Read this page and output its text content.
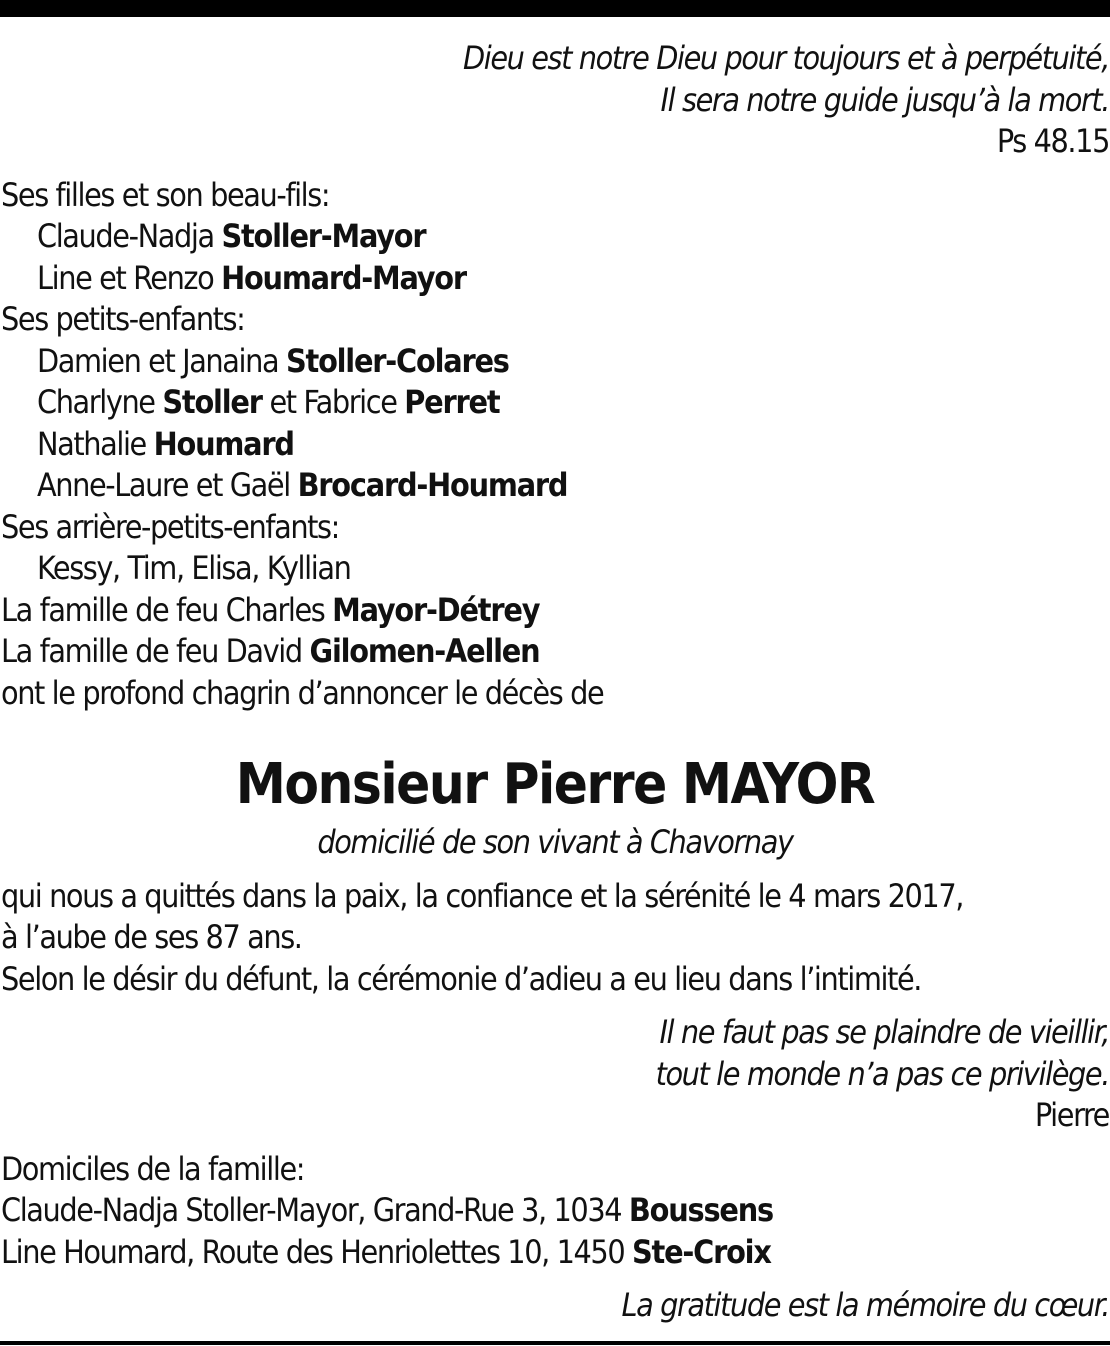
Dieu est notre Dieu pour toujours et à perpétuité,
Il sera notre guide jusqu’à la mort.
Ps 48.15
Ses filles et son beau-fils:
Claude-Nadja Stoller-Mayor
Line et Renzo Houmard-Mayor
Ses petits-enfants:
Damien et Janaina Stoller-Colares
Charlyne Stoller et Fabrice Perret
Nathalie Houmard
Anne-Laure et Gaël Brocard-Houmard
Ses arrière-petits-enfants:
Kessy, Tim, Elisa, Kyllian
La famille de feu Charles Mayor-Détrey
La famille de feu David Gilomen-Aellen
ont le profond chagrin d’annoncer le décès de
Monsieur Pierre MAYOR
domicilié de son vivant à Chavornay
qui nous a quittés dans la paix, la confiance et la sérénité le 4 mars 2017,
à l’aube de ses 87 ans.
Selon le désir du défunt, la cérémonie d’adieu a eu lieu dans l’intimité.
Il ne faut pas se plaindre de vieillir,
tout le monde n’a pas ce privilège.
Pierre
Domiciles de la famille:
Claude-Nadja Stoller-Mayor, Grand-Rue 3, 1034 Boussens
Line Houmard, Route des Henriolettes 10, 1450 Ste-Croix
La gratitude est la mémoire du cœur.
